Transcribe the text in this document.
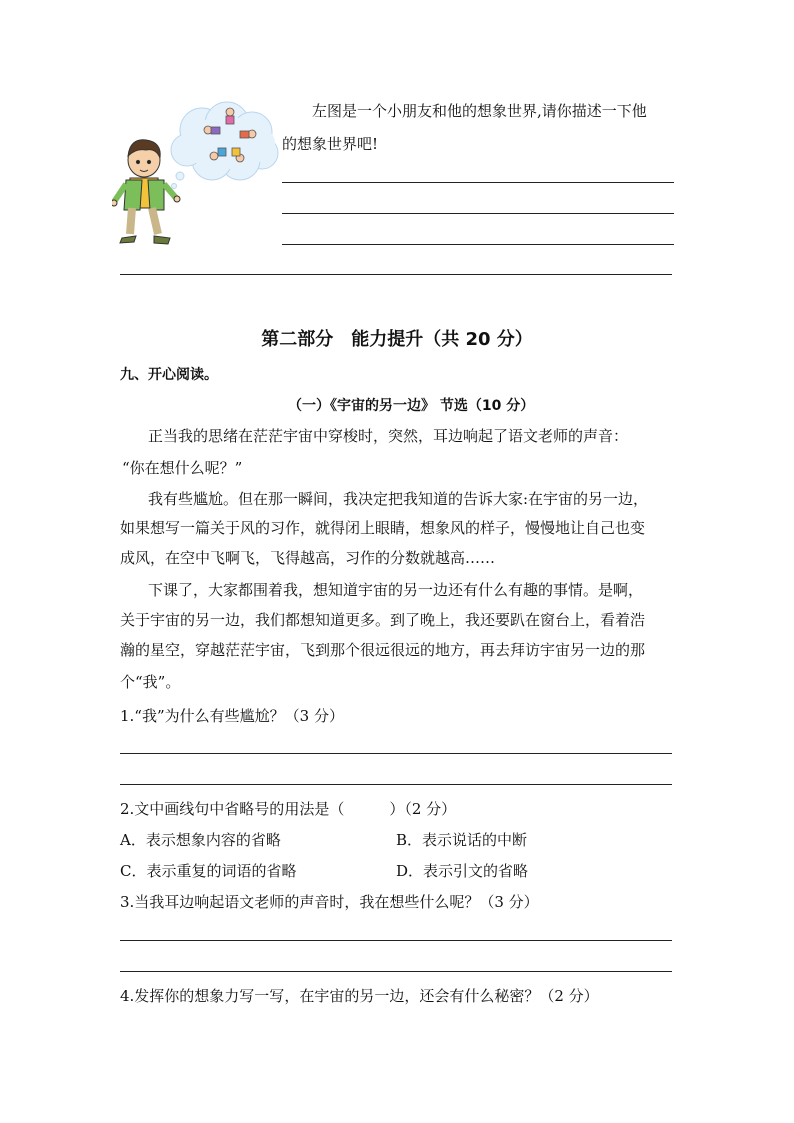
左图是一个小朋友和他的想象世界,请你描述一下他
的想象世界吧!
第二部分　能力提升（共 20 分）
九、开心阅读。
（一）《宇宙的另一边》 节选（10 分）
正当我的思绪在茫茫宇宙中穿梭时，突然，耳边响起了语文老师的声音：
“你在想什么呢？”
我有些尴尬。但在那一瞬间，我决定把我知道的告诉大家:在宇宙的另一边，
如果想写一篇关于风的习作，就得闭上眼睛，想象风的样子，慢慢地让自己也变
成风，在空中飞啊飞，飞得越高，习作的分数就越高……
下课了，大家都围着我，想知道宇宙的另一边还有什么有趣的事情。是啊，
关于宇宙的另一边，我们都想知道更多。到了晚上，我还要趴在窗台上，看着浩
瀚的星空，穿越茫茫宇宙，飞到那个很远很远的地方，再去拜访宇宙另一边的那
个“我”。
1.“我”为什么有些尴尬？（3 分）
2.文中画线句中省略号的用法是（　　　）（2 分）
A．表示想象内容的省略	B．表示说话的中断
C．表示重复的词语的省略	D．表示引文的省略
3.当我耳边响起语文老师的声音时，我在想些什么呢？（3 分）
4.发挥你的想象力写一写，在宇宙的另一边，还会有什么秘密？（2 分）
